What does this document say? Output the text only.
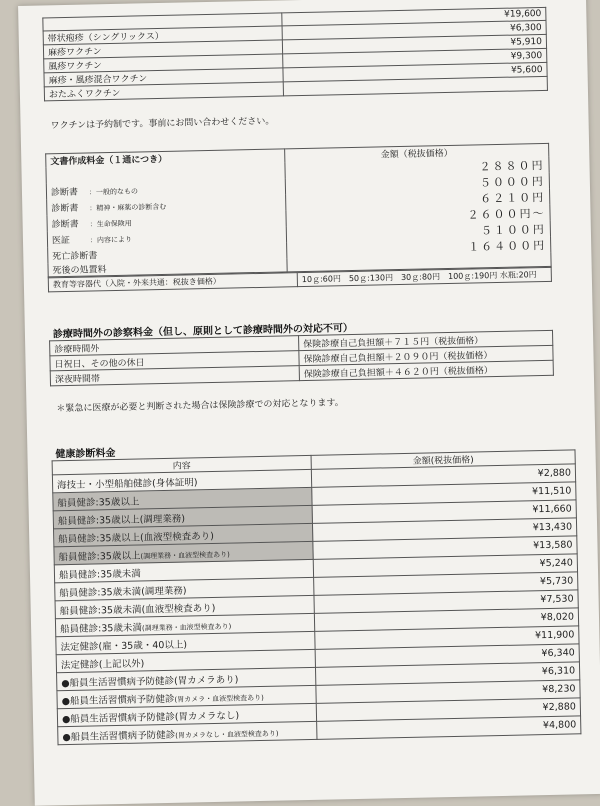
	¥19,600
帯状疱疹（シングリックス）	¥6,300
麻疹ワクチン	¥5,910
風疹ワクチン	¥9,300
麻疹・風疹混合ワクチン	¥5,600
おたふくワクチン	
ワクチンは予約制です。事前にお問い合わせください。
文書作成料金（１通につき）	金額（税抜価格）
	２８８０円
診断書 ：一般的なもの	５０００円
診断書 ：精神・麻薬の診断含む	６２１０円
診断書 ：生命保険用	２６００円～
医証 ：内容により	５１００円
死亡診断書	１６４００円
死後の処置料	
教育等容器代（入院・外来共通：税抜き価格）	10ｇ:60円　50ｇ:130円　30ｇ:80円　100ｇ:190円 水瓶:20円
診療時間外の診察料金（但し、原則として診療時間外の対応不可）
診療時間外	保険診療自己負担額＋７１５円（税抜価格）
日祝日、その他の休日	保険診療自己負担額＋２０９０円（税抜価格）
深夜時間帯	保険診療自己負担額＋４６２０円（税抜価格）
＊緊急に医療が必要と判断された場合は保険診療での対応となります。
健康診断料金
内容	金額(税抜価格)
海技士・小型船舶健診(身体証明)	¥2,880
船員健診:35歳以上	¥11,510
船員健診:35歳以上(調理業務)	¥11,660
船員健診:35歳以上(血液型検査あり)	¥13,430
船員健診:35歳以上(調理業務・血液型検査あり)	¥13,580
船員健診:35歳未満	¥5,240
船員健診:35歳未満(調理業務)	¥5,730
船員健診:35歳未満(血液型検査あり)	¥7,530
船員健診:35歳未満(調理業務・血液型検査あり)	¥8,020
法定健診(雇・35歳・40以上)	¥11,900
法定健診(上記以外)	¥6,340
●船員生活習慣病予防健診(胃カメラあり)	¥6,310
●船員生活習慣病予防健診(胃カメラ・血液型検査あり)	¥8,230
●船員生活習慣病予防健診(胃カメラなし)	¥2,880
●船員生活習慣病予防健診(胃カメラなし・血液型検査あり)	¥4,800
